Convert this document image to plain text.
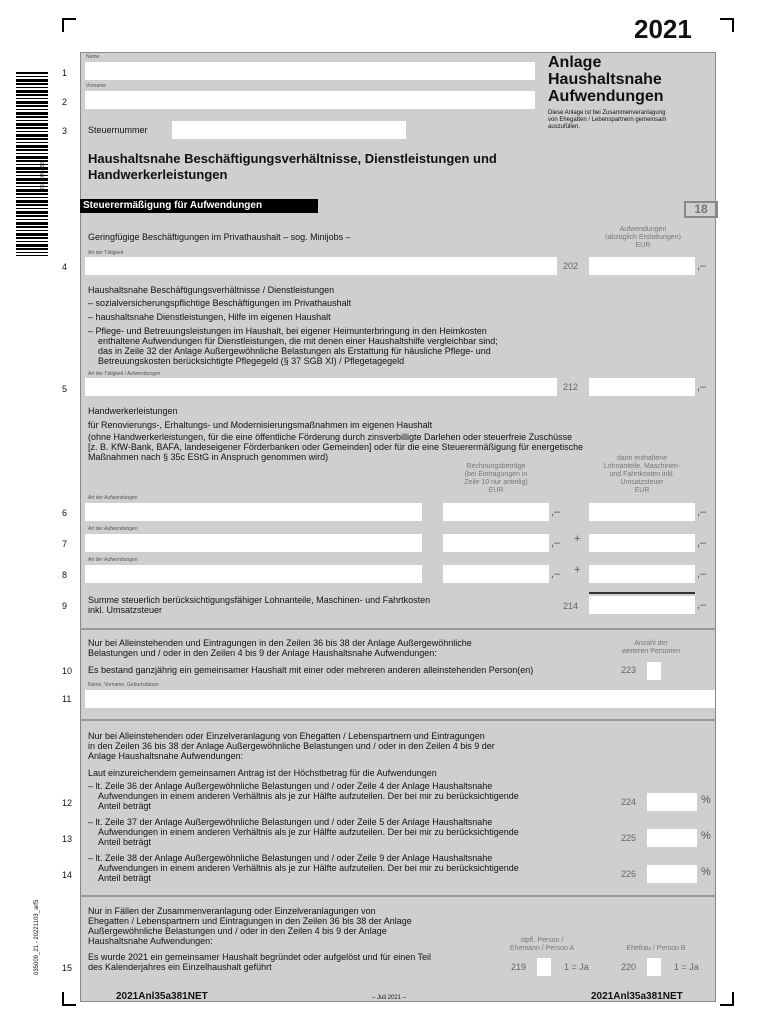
2021
2021035a381
035009_21 - 20221103_arf5
Name
Vorname
Steuernummer
Anlage
Haushaltsnahe
Aufwendungen
Diese Anlage ist bei Zusammenveranlagung
von Ehegatten / Lebenspartnern gemeinsam
auszufüllen.
Haushaltsnahe Beschäftigungsverhältnisse, Dienstleistungen und
Handwerkerleistungen
Steuerermäßigung für Aufwendungen	18
Aufwendungen
(abzüglich Erstattungen)
EUR
Geringfügige Beschäftigungen im Privathaushalt – sog. Minijobs –
Art der Tätigkeit
202	,–
Haushaltsnahe Beschäftigungsverhältnisse / Dienstleistungen
– sozialversicherungspflichtige Beschäftigungen im Privathaushalt
– haushaltsnahe Dienstleistungen, Hilfe im eigenen Haushalt
– Pflege- und Betreuungsleistungen im Haushalt, bei eigener Heimunterbringung in den Heimkosten
enthaltene Aufwendungen für Dienstleistungen, die mit denen einer Haushaltshilfe vergleichbar sind;
das in Zeile 32 der Anlage Außergewöhnliche Belastungen als Erstattung für häusliche Pflege- und
Betreuungskosten berücksichtigte Pflegegeld (§ 37 SGB XI) / Pflegetagegeld
Art der Tätigkeit / Aufwendungen
212	,–
Handwerkerleistungen
für Renovierungs-, Erhaltungs- und Modernisierungsmaßnahmen im eigenen Haushalt
(ohne Handwerkerleistungen, für die eine öffentliche Förderung durch zinsverbilligte Darlehen oder steuerfreie Zuschüsse
[z. B. KfW-Bank, BAFA, landeseigener Förderbanken oder Gemeinden] oder für die eine Steuerermäßigung für energetische
Maßnahmen nach § 35c EStG in Anspruch genommen wird)
Rechnungsbeträge
(bei Eintragungen in
Zeile 10 nur anteilig)
EUR
darin enthaltene
Lohnanteile, Maschinen-
und Fahrtkosten inkl.
Umsatzsteuer
EUR
Art der Aufwendungen
,–	,–
Art der Aufwendungen
,– +	,–
Art der Aufwendungen
,– +	,–
Summe steuerlich berücksichtigungsfähiger Lohnanteile, Maschinen- und Fahrtkosten
inkl. Umsatzsteuer	214	,–
Nur bei Alleinstehenden und Eintragungen in den Zeilen 36 bis 38 der Anlage Außergewöhnliche
Belastungen und / oder in den Zeilen 4 bis 9 der Anlage Haushaltsnahe Aufwendungen:
Anzahl der
weiteren Personen
Es bestand ganzjährig ein gemeinsamer Haushalt mit einer oder mehreren anderen alleinstehenden Person(en)	223
Name, Vorname, Geburtsdatum
Nur bei Alleinstehenden oder Einzelveranlagung von Ehegatten / Lebenspartnern und Eintragungen
in den Zeilen 36 bis 38 der Anlage Außergewöhnliche Belastungen und / oder in den Zeilen 4 bis 9 der
Anlage Haushaltsnahe Aufwendungen:
Laut einzureichendem gemeinsamen Antrag ist der Höchstbetrag für die Aufwendungen
– lt. Zeile 36 der Anlage Außergewöhnliche Belastungen und / oder Zeile 4 der Anlage Haushaltsnahe
Aufwendungen in einem anderen Verhältnis als je zur Hälfte aufzuteilen. Der bei mir zu berücksichtigende
Anteil beträgt	224	%
– lt. Zeile 37 der Anlage Außergewöhnliche Belastungen und / oder Zeile 5 der Anlage Haushaltsnahe
Aufwendungen in einem anderen Verhältnis als je zur Hälfte aufzuteilen. Der bei mir zu berücksichtigende
Anteil beträgt	225	%
– lt. Zeile 38 der Anlage Außergewöhnliche Belastungen und / oder Zeile 9 der Anlage Haushaltsnahe
Aufwendungen in einem anderen Verhältnis als je zur Hälfte aufzuteilen. Der bei mir zu berücksichtigende
Anteil beträgt	226	%
Nur in Fällen der Zusammenveranlagung oder Einzelveranlagungen von
Ehegatten / Lebenspartnern und Eintragungen in den Zeilen 36 bis 38 der Anlage
Außergewöhnliche Belastungen und / oder in den Zeilen 4 bis 9 der Anlage
Haushaltsnahe Aufwendungen:	stpfl. Person /
Ehemann / Person A	Ehefrau / Person B
Es wurde 2021 ein gemeinsamer Haushalt begründet oder aufgelöst und für einen Teil
des Kalenderjahres ein Einzelhaushalt geführt	219	1 = Ja	220	1 = Ja
1
2
3
4
5
6
7
8
9
10
11
12
13
14
15
2021Anl35a381NET	– Juli 2021 –	2021Anl35a381NET
